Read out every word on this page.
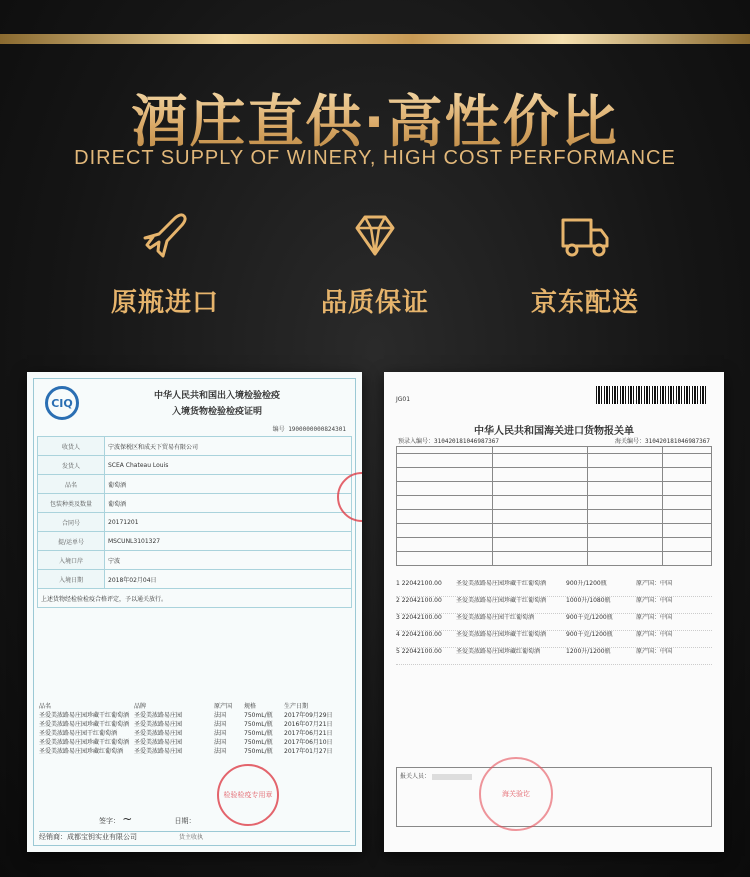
酒庄直供·高性价比
DIRECT SUPPLY OF WINERY, HIGH COST PERFORMANCE
原瓶进口	品质保证	京东配送
CIQ
中华人民共和国出入境检验检疫
入境货物检验检疫证明
编号 1900000000824301
收货人	宁波保税区和成天下贸易有限公司
发货人	SCEA Chateau Louis
品名	葡萄酒
包装种类及数量	葡萄酒
合同号	20171201
提/运单号	MSCUNL3101327
入境口岸	宁波
入境日期	2018年02月04日
上述货物经检验检疫合格评定，予以通关放行。	
品名	品牌	原产国	规格	生产日期
圣爱美浓路易庄园珍藏干红葡萄酒 圣爱美浓路易庄园	法国	750mL/瓶	2017年09月29日
圣爱美浓路易庄园珍藏干红葡萄酒 圣爱美浓路易庄园	法国	750mL/瓶	2016年07月21日
圣爱美浓路易庄园干红葡萄酒	圣爱美浓路易庄园	法国	750mL/瓶	2017年06月21日
圣爱美浓路易庄园珍藏干红葡萄酒 圣爱美浓路易庄园	法国	750mL/瓶	2017年06月10日
圣爱美浓路易庄园珍藏红葡萄酒	圣爱美浓路易庄园	法国	750mL/瓶	2017年01月27日
签字： ~	日期：
经销商：成都宝钥实业有限公司
检验检疫专用章
货主收执
JG01
中华人民共和国海关进口货物报关单
预录入编号：310420181046987367	海关编号：310420181046987367
1 22042100.00	圣爱美浓路易庄园珍藏干红葡萄酒	900升/1200瓶	原产国：中国
2 22042100.00	圣爱美浓路易庄园珍藏干红葡萄酒	1000升/1080瓶	原产国：中国
3 22042100.00	圣爱美浓路易庄园干红葡萄酒	900千克/1200瓶	原产国：中国
4 22042100.00	圣爱美浓路易庄园珍藏干红葡萄酒	900千克/1200瓶	原产国：中国
5 22042100.00	圣爱美浓路易庄园珍藏红葡萄酒	1200升/1200瓶	原产国：中国
报关人员：
海关验讫
